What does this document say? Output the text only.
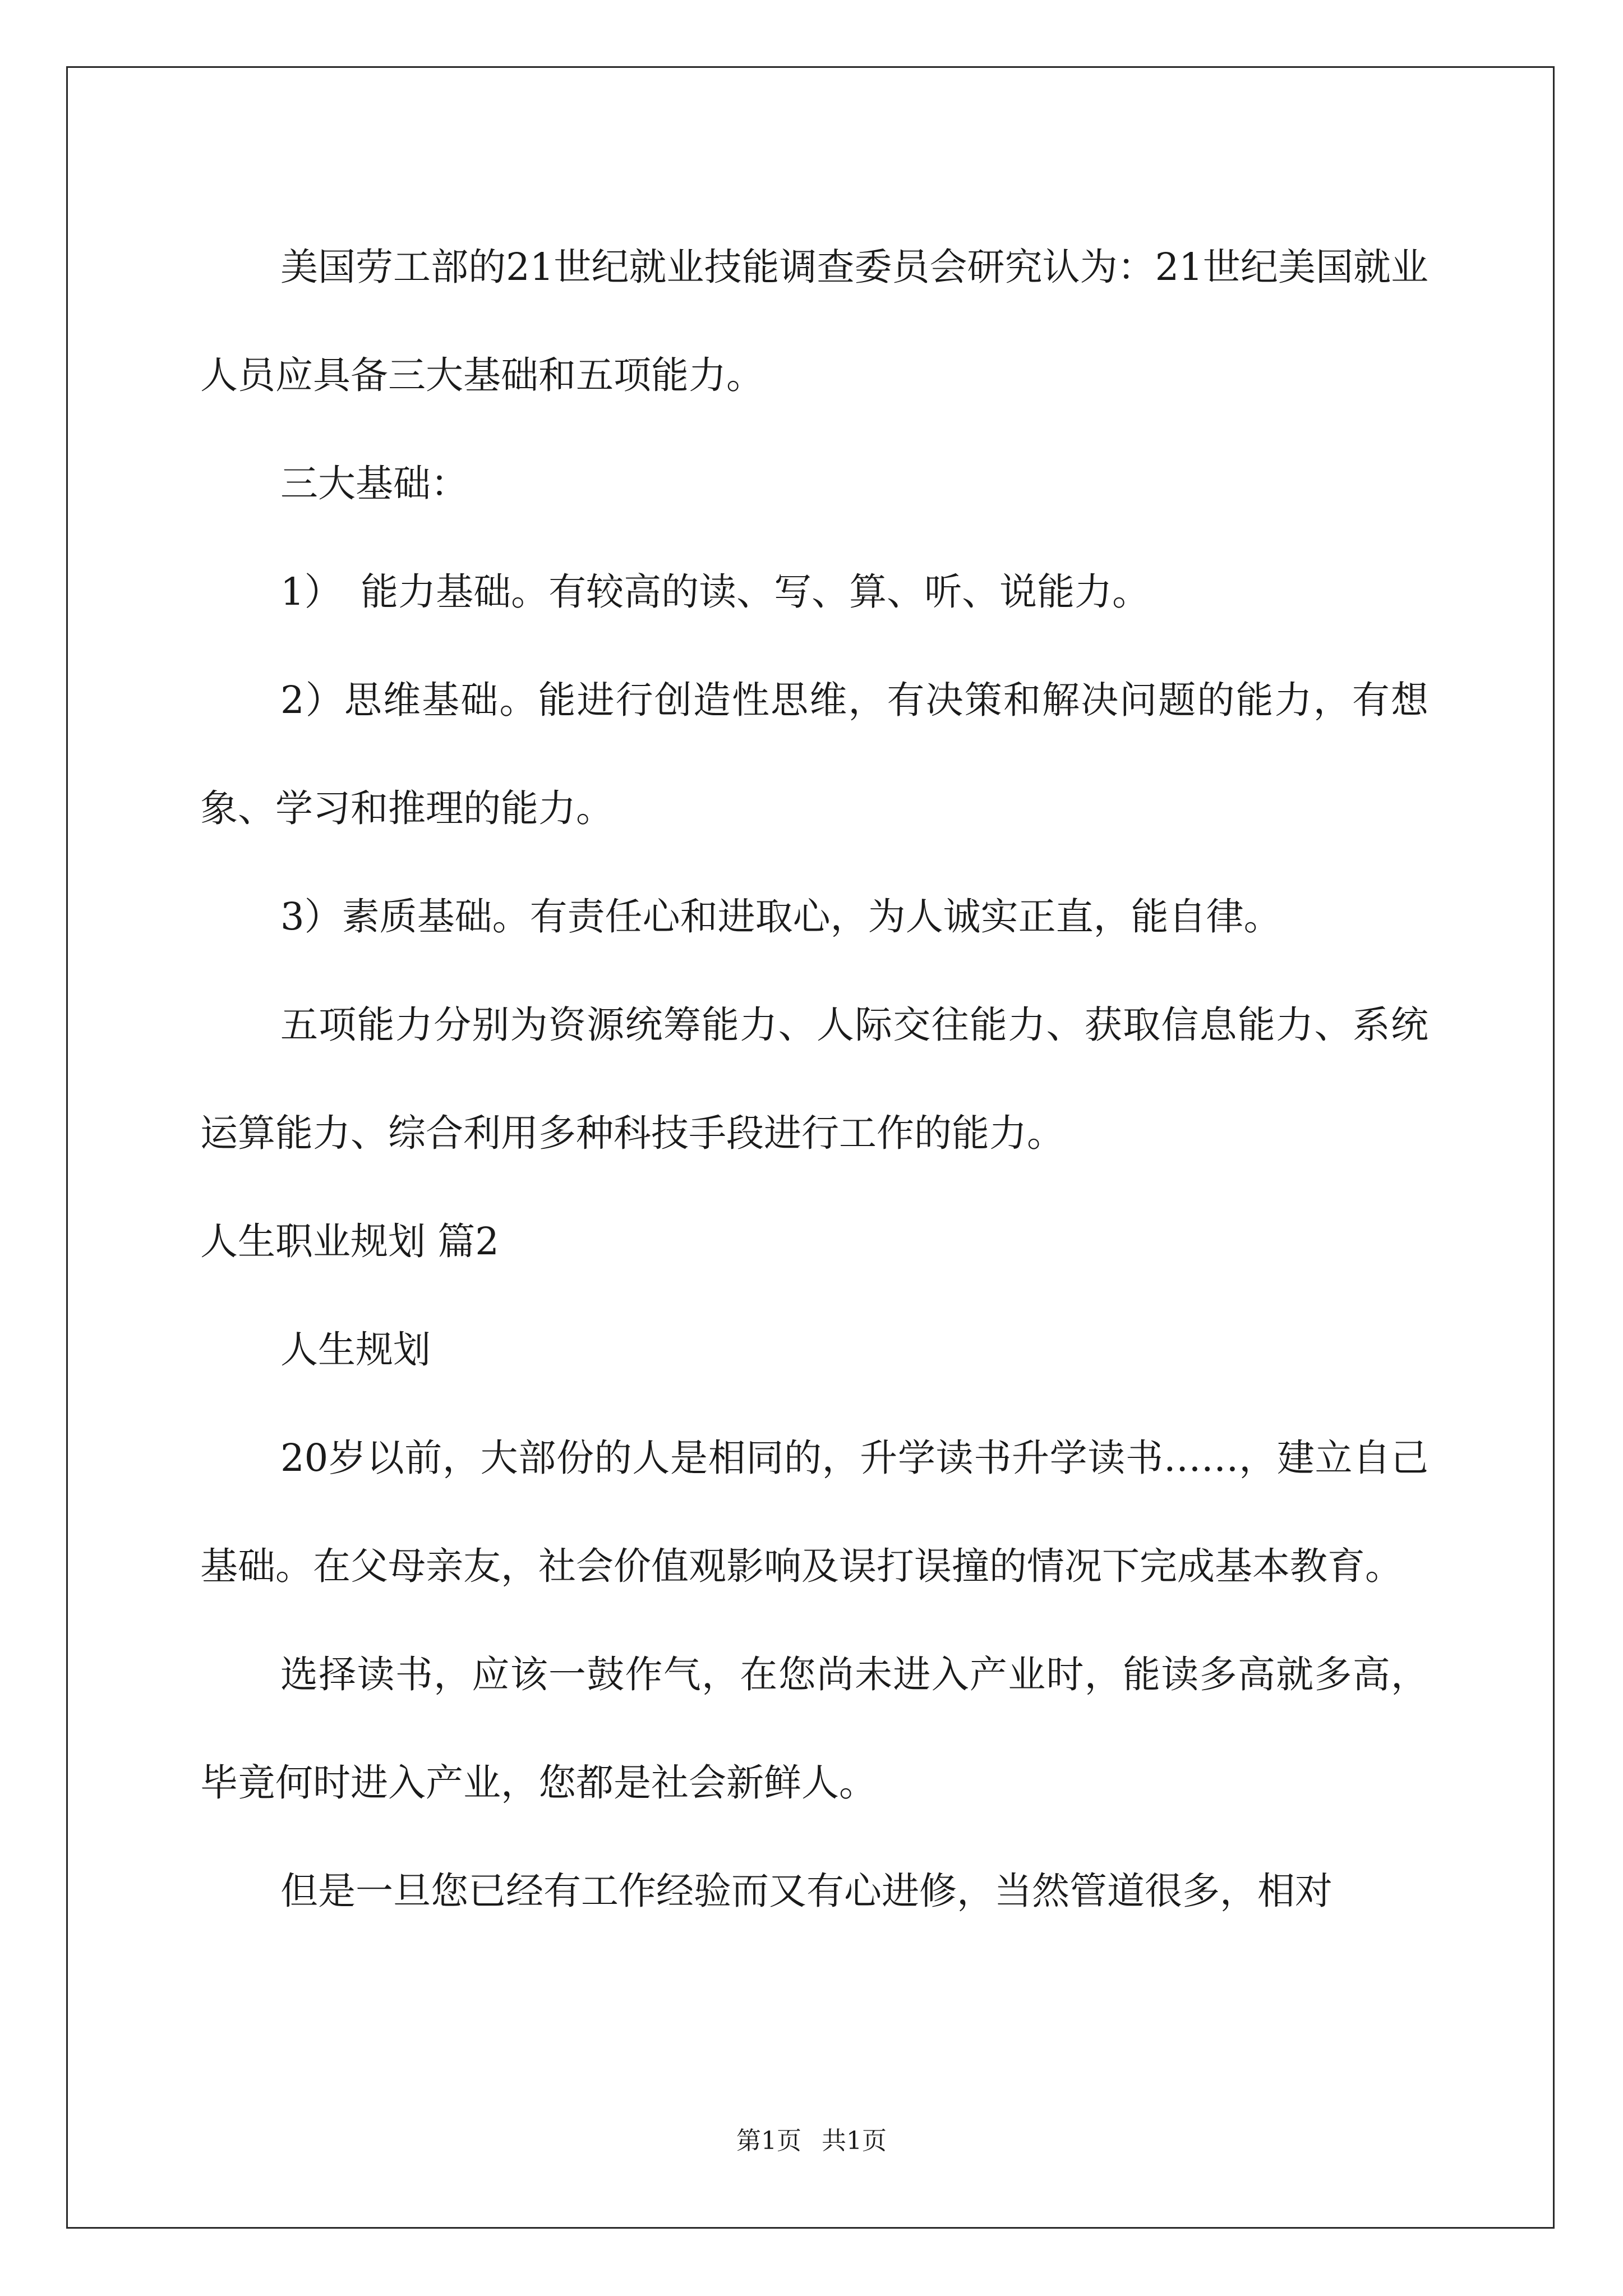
美国劳工部的21世纪就业技能调查委员会研究认为：21世纪美国就业人员应具备三大基础和五项能力。

三大基础：

1）　能力基础。有较高的读、写、算、听、说能力。

2）思维基础。能进行创造性思维，有决策和解决问题的能力，有想象、学习和推理的能力。

3）素质基础。有责任心和进取心，为人诚实正直，能自律。

五项能力分别为资源统筹能力、人际交往能力、获取信息能力、系统运算能力、综合利用多种科技手段进行工作的能力。

人生职业规划 篇2

人生规划

20岁以前，大部份的人是相同的，升学读书升学读书……，建立自己基础。在父母亲友，社会价值观影响及误打误撞的情况下完成基本教育。

选择读书，应该一鼓作气，在您尚未进入产业时，能读多高就多高，毕竟何时进入产业，您都是社会新鲜人。

但是一旦您已经有工作经验而又有心进修，当然管道很多，相对

第1页 共1页
